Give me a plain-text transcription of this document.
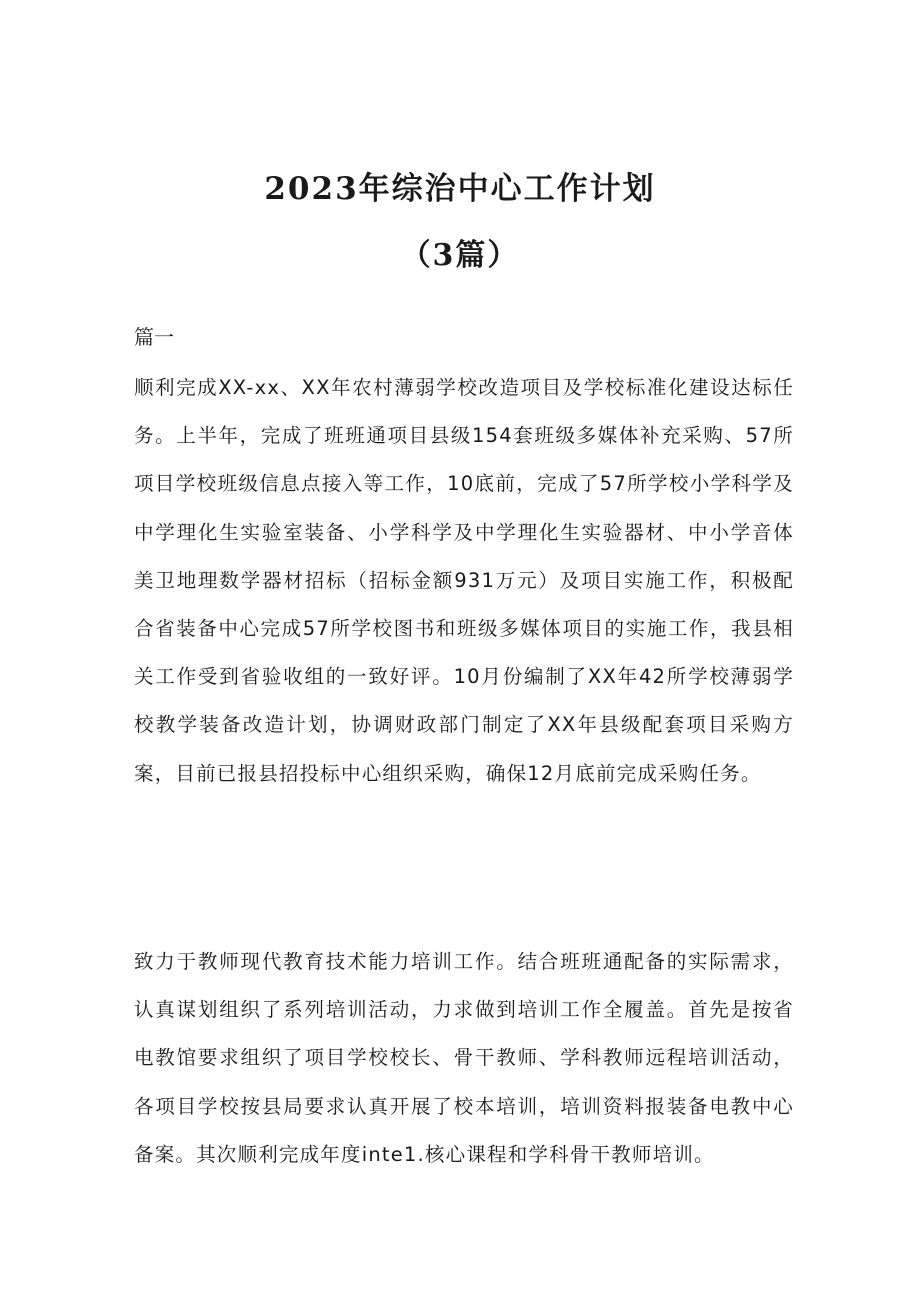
2023年综治中心工作计划
（3篇）
篇一

顺利完成XX-xx、XX年农村薄弱学校改造项目及学校标准化建设达标任务。上半年，完成了班班通项目县级154套班级多媒体补充采购、57所项目学校班级信息点接入等工作，10底前，完成了57所学校小学科学及中学理化生实验室装备、小学科学及中学理化生实验器材、中小学音体美卫地理数学器材招标（招标金额931万元）及项目实施工作，积极配合省装备中心完成57所学校图书和班级多媒体项目的实施工作，我县相关工作受到省验收组的一致好评。10月份编制了XX年42所学校薄弱学校教学装备改造计划，协调财政部门制定了XX年县级配套项目采购方案，目前已报县招投标中心组织采购，确保12月底前完成采购任务。

致力于教师现代教育技术能力培训工作。结合班班通配备的实际需求，认真谋划组织了系列培训活动，力求做到培训工作全履盖。首先是按省电教馆要求组织了项目学校校长、骨干教师、学科教师远程培训活动，各项目学校按县局要求认真开展了校本培训，培训资料报装备电教中心备案。其次顺利完成年度inte1.核心课程和学科骨干教师培训。
